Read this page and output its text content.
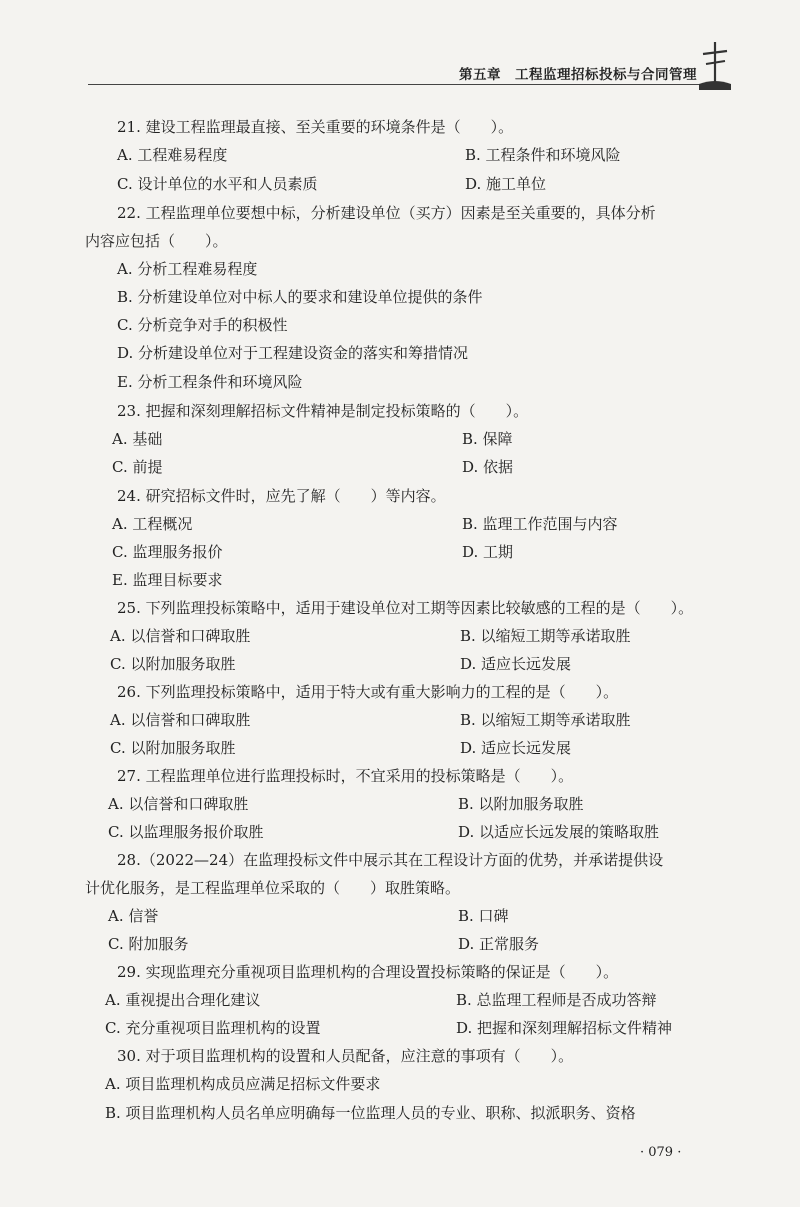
第五章　工程监理招标投标与合同管理
21. 建设工程监理最直接、至关重要的环境条件是（　　）。
A. 工程难易程度	B. 工程条件和环境风险
C. 设计单位的水平和人员素质	D. 施工单位
22. 工程监理单位要想中标，分析建设单位（买方）因素是至关重要的，具体分析
内容应包括（　　）。
A. 分析工程难易程度
B. 分析建设单位对中标人的要求和建设单位提供的条件
C. 分析竞争对手的积极性
D. 分析建设单位对于工程建设资金的落实和筹措情况
E. 分析工程条件和环境风险
23. 把握和深刻理解招标文件精神是制定投标策略的（　　）。
A. 基础	B. 保障
C. 前提	D. 依据
24. 研究招标文件时，应先了解（　　）等内容。
A. 工程概况	B. 监理工作范围与内容
C. 监理服务报价	D. 工期
E. 监理目标要求
25. 下列监理投标策略中，适用于建设单位对工期等因素比较敏感的工程的是（　　）。
A. 以信誉和口碑取胜	B. 以缩短工期等承诺取胜
C. 以附加服务取胜	D. 适应长远发展
26. 下列监理投标策略中，适用于特大或有重大影响力的工程的是（　　）。
A. 以信誉和口碑取胜	B. 以缩短工期等承诺取胜
C. 以附加服务取胜	D. 适应长远发展
27. 工程监理单位进行监理投标时，不宜采用的投标策略是（　　）。
A. 以信誉和口碑取胜	B. 以附加服务取胜
C. 以监理服务报价取胜	D. 以适应长远发展的策略取胜
28.（2022—24）在监理投标文件中展示其在工程设计方面的优势，并承诺提供设
计优化服务，是工程监理单位采取的（　　）取胜策略。
A. 信誉	B. 口碑
C. 附加服务	D. 正常服务
29. 实现监理充分重视项目监理机构的合理设置投标策略的保证是（　　）。
A. 重视提出合理化建议	B. 总监理工程师是否成功答辩
C. 充分重视项目监理机构的设置	D. 把握和深刻理解招标文件精神
30. 对于项目监理机构的设置和人员配备，应注意的事项有（　　）。
A. 项目监理机构成员应满足招标文件要求
B. 项目监理机构人员名单应明确每一位监理人员的专业、职称、拟派职务、资格
· 079 ·
